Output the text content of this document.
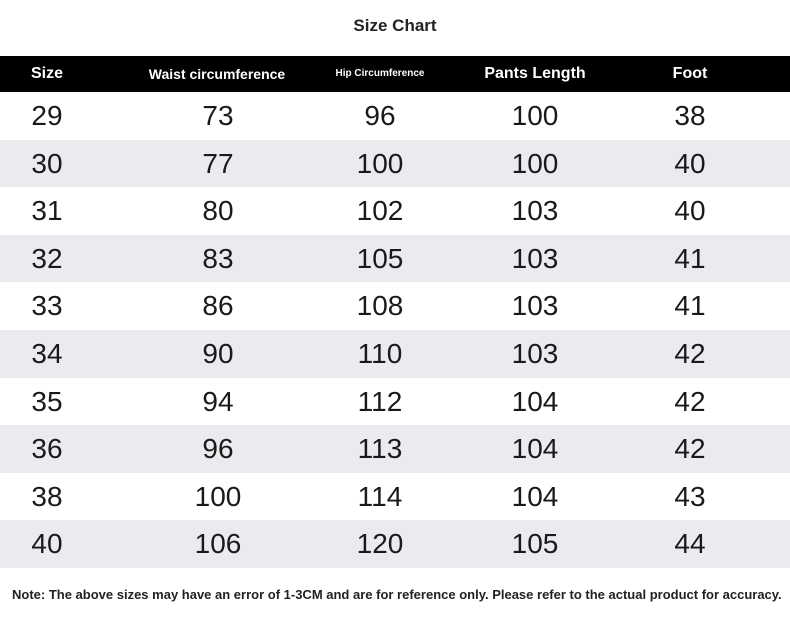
Size Chart
Size	Waist circumference	Hip Circumference	Pants Length	Foot
29	73	96	100	38
30	77	100	100	40
31	80	102	103	40
32	83	105	103	41
33	86	108	103	41
34	90	110	103	42
35	94	112	104	42
36	96	113	104	42
38	100	114	104	43
40	106	120	105	44
Note: The above sizes may have an error of 1-3CM and are for reference only. Please refer to the actual product for accuracy.
